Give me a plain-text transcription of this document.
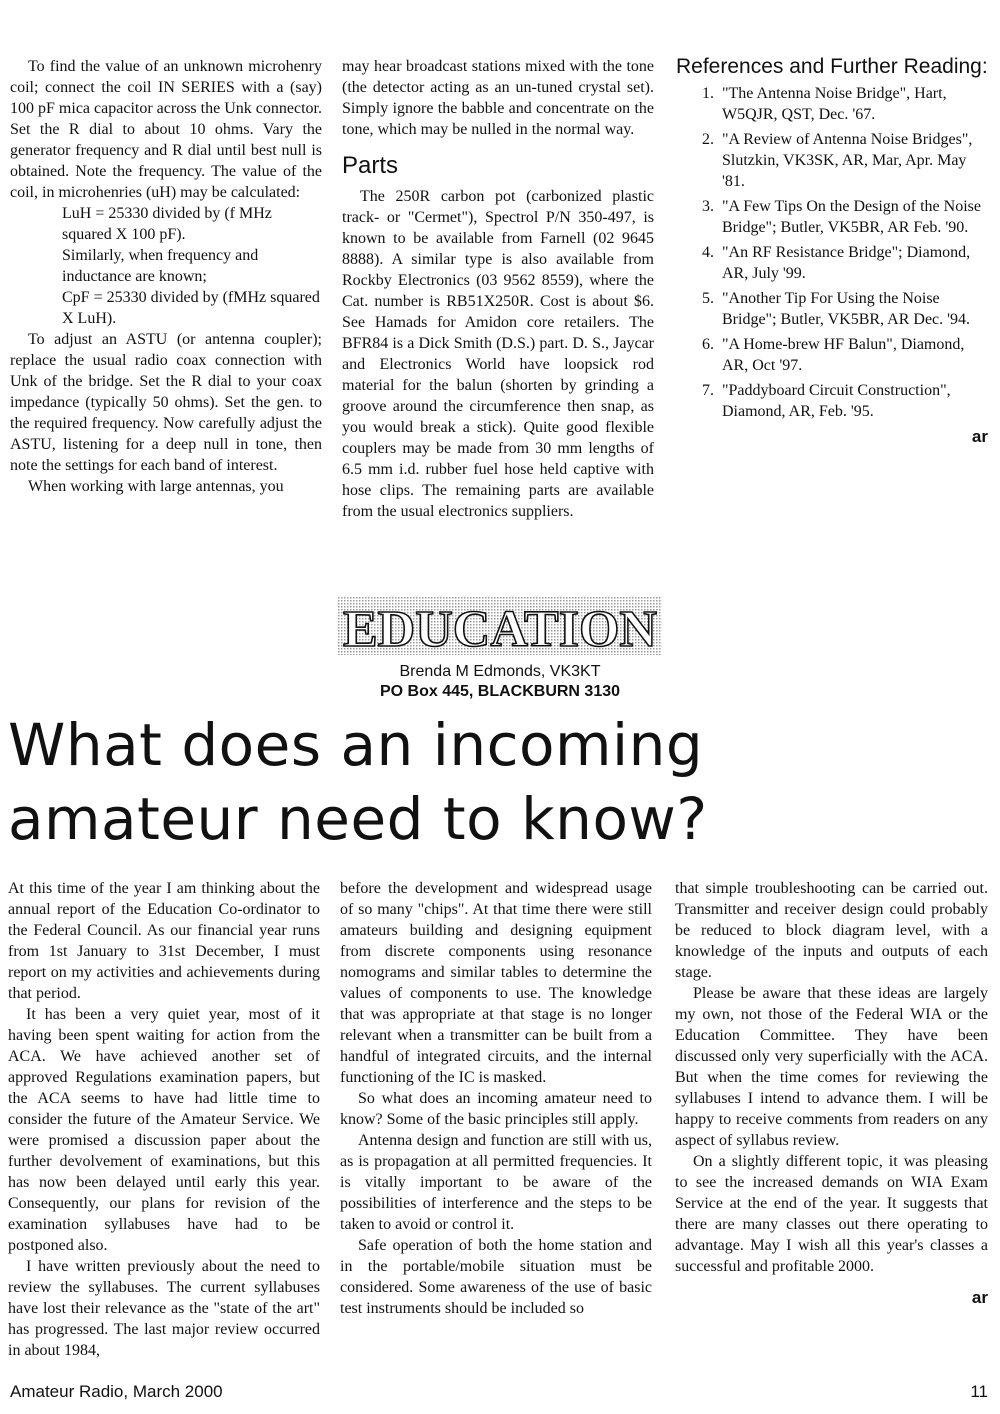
To find the value of an unknown microhenry coil; connect the coil IN SERIES with a (say) 100 pF mica capacitor across the Unk connector. Set the R dial to about 10 ohms. Vary the generator frequency and R dial until best null is obtained. Note the frequency. The value of the coil, in microhenries (uH) may be calculated:

LuH = 25330 divided by (f MHz squared X 100 pF).

Similarly, when frequency and inductance are known;

CpF = 25330 divided by (fMHz squared X LuH).

To adjust an ASTU (or antenna coupler); replace the usual radio coax connection with Unk of the bridge. Set the R dial to your coax impedance (typically 50 ohms). Set the gen. to the required frequency. Now carefully adjust the ASTU, listening for a deep null in tone, then note the settings for each band of interest.

When working with large antennas, you

may hear broadcast stations mixed with the tone (the detector acting as an un-tuned crystal set). Simply ignore the babble and concentrate on the tone, which may be nulled in the normal way.

Parts

The 250R carbon pot (carbonized plastic track- or "Cermet"), Spectrol P/N 350-497, is known to be available from Farnell (02 9645 8888). A similar type is also available from Rockby Electronics (03 9562 8559), where the Cat. number is RB51X250R. Cost is about $6. See Hamads for Amidon core retailers. The BFR84 is a Dick Smith (D.S.) part. D. S., Jaycar and Electronics World have loopsick rod material for the balun (shorten by grinding a groove around the circumference then snap, as you would break a stick). Quite good flexible couplers may be made from 30 mm lengths of 6.5 mm i.d. rubber fuel hose held captive with hose clips. The remaining parts are available from the usual electronics suppliers.

References and Further Reading:
1. "The Antenna Noise Bridge", Hart, W5QJR, QST, Dec. '67.
2. "A Review of Antenna Noise Bridges", Slutzkin, VK3SK, AR, Mar, Apr. May '81.
3. "A Few Tips On the Design of the Noise Bridge"; Butler, VK5BR, AR Feb. '90.
4. "An RF Resistance Bridge"; Diamond, AR, July '99.
5. "Another Tip For Using the Noise Bridge"; Butler, VK5BR, AR Dec. '94.
6. "A Home-brew HF Balun", Diamond, AR, Oct '97.
7. "Paddyboard Circuit Construction", Diamond, AR, Feb. '95.

ar

EDUCATION
Brenda M Edmonds, VK3KT
PO Box 445, BLACKBURN 3130
What does an incoming
amateur need to know?

At this time of the year I am thinking about the annual report of the Education Co-ordinator to the Federal Council. As our financial year runs from 1st January to 31st December, I must report on my activities and achievements during that period.

It has been a very quiet year, most of it having been spent waiting for action from the ACA. We have achieved another set of approved Regulations examination papers, but the ACA seems to have had little time to consider the future of the Amateur Service. We were promised a discussion paper about the further devolvement of examinations, but this has now been delayed until early this year. Consequently, our plans for revision of the examination syllabuses have had to be postponed also.

I have written previously about the need to review the syllabuses. The current syllabuses have lost their relevance as the "state of the art" has progressed. The last major review occurred in about 1984,

before the development and widespread usage of so many "chips". At that time there were still amateurs building and designing equipment from discrete components using resonance nomograms and similar tables to determine the values of components to use. The knowledge that was appropriate at that stage is no longer relevant when a transmitter can be built from a handful of integrated circuits, and the internal functioning of the IC is masked.

So what does an incoming amateur need to know? Some of the basic principles still apply.

Antenna design and function are still with us, as is propagation at all permitted frequencies. It is vitally important to be aware of the possibilities of interference and the steps to be taken to avoid or control it.

Safe operation of both the home station and in the portable/mobile situation must be considered. Some awareness of the use of basic test instruments should be included so

that simple troubleshooting can be carried out. Transmitter and receiver design could probably be reduced to block diagram level, with a knowledge of the inputs and outputs of each stage.

Please be aware that these ideas are largely my own, not those of the Federal WIA or the Education Committee. They have been discussed only very superficially with the ACA. But when the time comes for reviewing the syllabuses I intend to advance them. I will be happy to receive comments from readers on any aspect of syllabus review.

On a slightly different topic, it was pleasing to see the increased demands on WIA Exam Service at the end of the year. It suggests that there are many classes out there operating to advantage. May I wish all this year's classes a successful and profitable 2000.

ar

Amateur Radio, March 2000	11
